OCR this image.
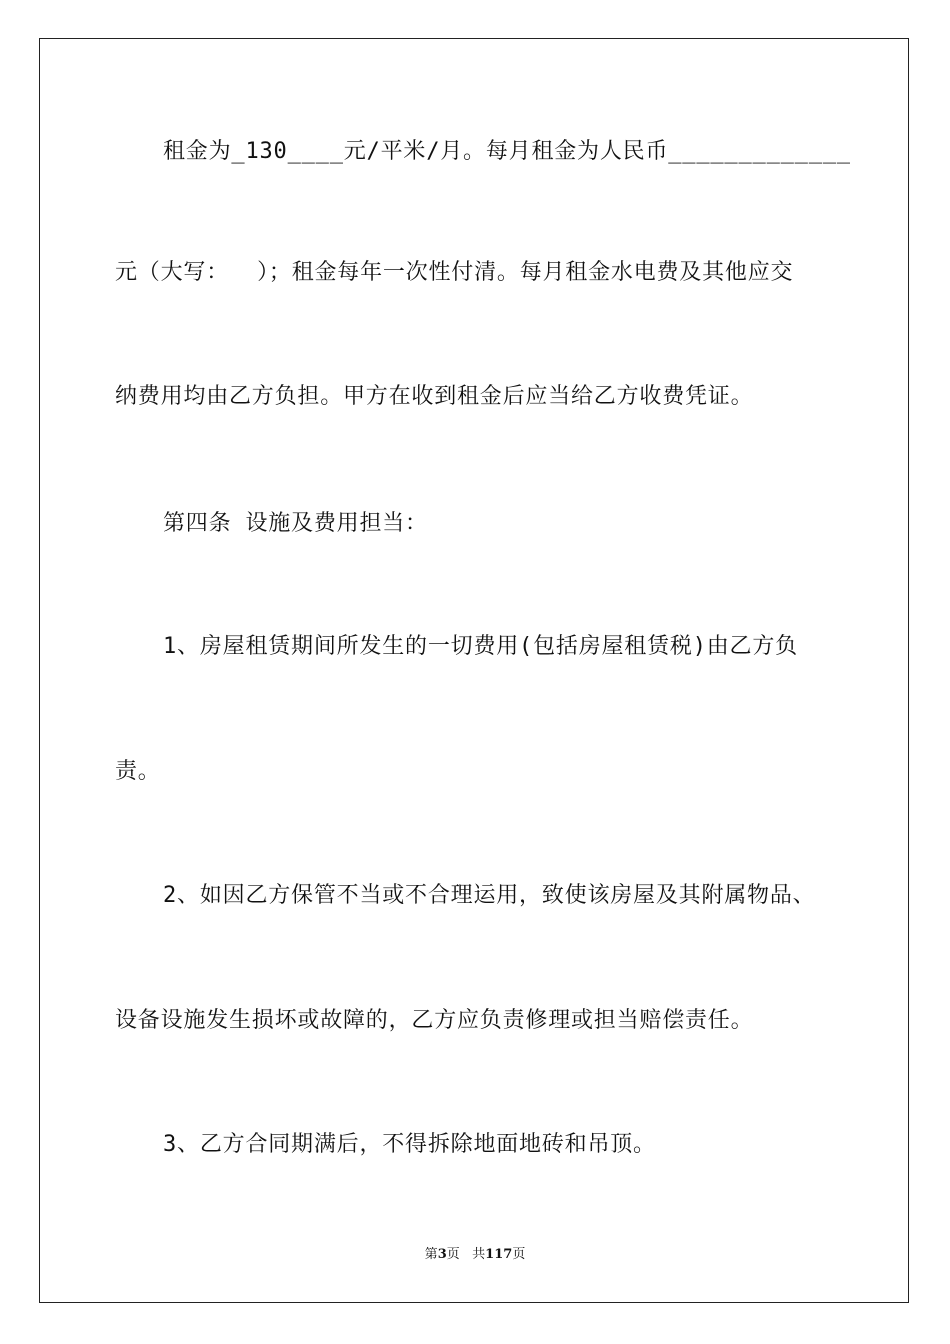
租金为_130____元/平米/月。每月租金为人民币_____________
元（大写：  ）；租金每年一次性付清。每月租金水电费及其他应交
纳费用均由乙方负担。甲方在收到租金后应当给乙方收费凭证。
第四条 设施及费用担当：
1、房屋租赁期间所发生的一切费用(包括房屋租赁税)由乙方负
责。
2、如因乙方保管不当或不合理运用，致使该房屋及其附属物品、
设备设施发生损坏或故障的，乙方应负责修理或担当赔偿责任。
3、乙方合同期满后，不得拆除地面地砖和吊顶。
第3页 共117页
